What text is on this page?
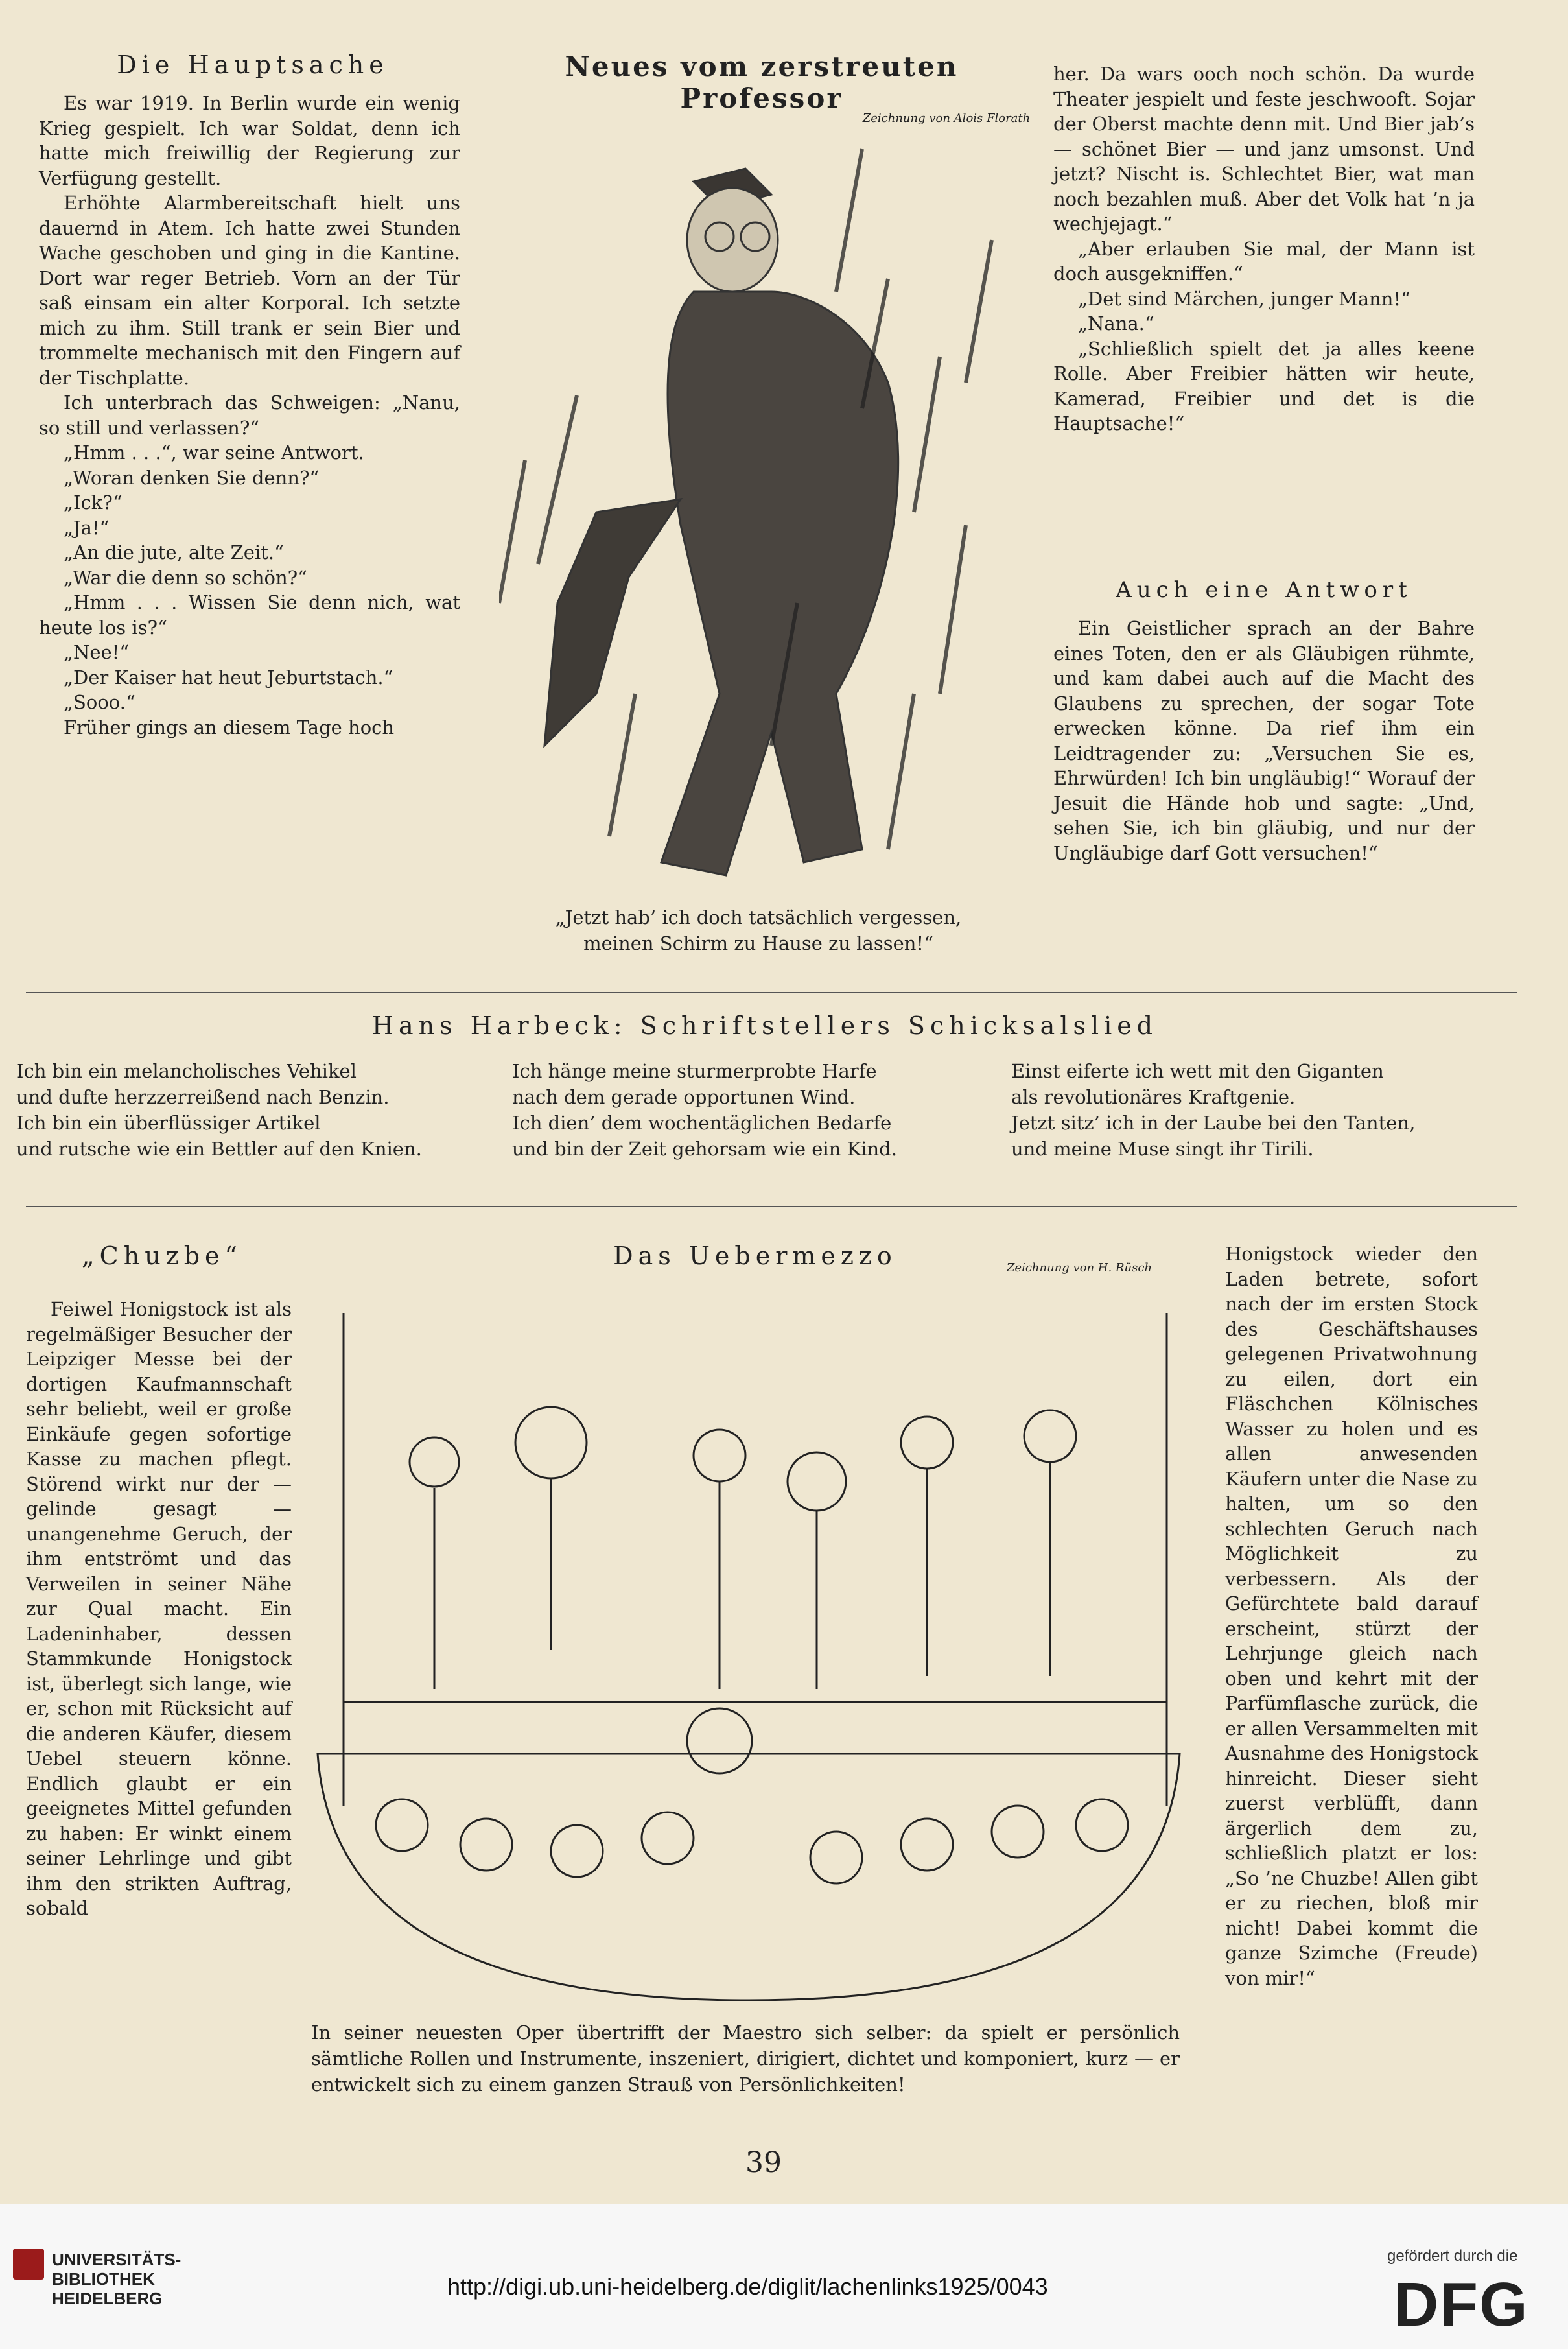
Die Hauptsache

Es war 1919. In Berlin wurde ein wenig Krieg gespielt. Ich war Soldat, denn ich hatte mich freiwillig der Regierung zur Verfügung gestellt.

Erhöhte Alarmbereitschaft hielt uns dauernd in Atem. Ich hatte zwei Stunden Wache geschoben und ging in die Kantine. Dort war reger Betrieb. Vorn an der Tür saß einsam ein alter Korporal. Ich setzte mich zu ihm. Still trank er sein Bier und trommelte mechanisch mit den Fingern auf der Tischplatte.

Ich unterbrach das Schweigen: „Nanu, so still und verlassen?“

„Hmm . . .“, war seine Antwort.

„Woran denken Sie denn?“

„Ick?“

„Ja!“

„An die jute, alte Zeit.“

„War die denn so schön?“

„Hmm . . . Wissen Sie denn nich, wat heute los is?“

„Nee!“

„Der Kaiser hat heut Jeburtstach.“

„Sooo.“

Früher gings an diesem Tage hoch

Neues vom zerstreuten Professor
Zeichnung von Alois Florath
„Jetzt hab’ ich doch tatsächlich vergessen, meinen Schirm zu Hause zu lassen!“

her. Da wars ooch noch schön. Da wurde Theater jespielt und feste jeschwooft. Sojar der Oberst machte denn mit. Und Bier jab’s — schönet Bier — und janz umsonst. Und jetzt? Nischt is. Schlechtet Bier, wat man noch bezahlen muß. Aber det Volk hat ’n ja wechjejagt.“

„Aber erlauben Sie mal, der Mann ist doch ausgekniffen.“

„Det sind Märchen, junger Mann!“

„Nana.“

„Schließlich spielt det ja alles keene Rolle. Aber Freibier hätten wir heute, Kamerad, Freibier und det is die Hauptsache!“

Auch eine Antwort

Ein Geistlicher sprach an der Bahre eines Toten, den er als Gläubigen rühmte, und kam dabei auch auf die Macht des Glaubens zu sprechen, der sogar Tote erwecken könne. Da rief ihm ein Leidtragender zu: „Versuchen Sie es, Ehrwürden! Ich bin ungläubig!“ Worauf der Jesuit die Hände hob und sagte: „Und, sehen Sie, ich bin gläubig, und nur der Ungläubige darf Gott versuchen!“

Hans Harbeck: Schriftstellers Schicksalslied

Ich bin ein melancholisches Vehikel

und dufte herzzerreißend nach Benzin.

Ich bin ein überflüssiger Artikel

und rutsche wie ein Bettler auf den Knien.

Ich hänge meine sturmerprobte Harfe

nach dem gerade opportunen Wind.

Ich dien’ dem wochentäglichen Bedarfe

und bin der Zeit gehorsam wie ein Kind.

Einst eiferte ich wett mit den Giganten

als revolutionäres Kraftgenie.

Jetzt sitz’ ich in der Laube bei den Tanten,

und meine Muse singt ihr Tirili.

„Chuzbe“

Feiwel Honigstock ist als regelmäßiger Besucher der Leipziger Messe bei der dortigen Kaufmannschaft sehr beliebt, weil er große Einkäufe gegen sofortige Kasse zu machen pflegt. Störend wirkt nur der — gelinde gesagt — unangenehme Geruch, der ihm entströmt und das Verweilen in seiner Nähe zur Qual macht. Ein Ladeninhaber, dessen Stammkunde Honigstock ist, überlegt sich lange, wie er, schon mit Rücksicht auf die anderen Käufer, diesem Uebel steuern könne. Endlich glaubt er ein geeignetes Mittel gefunden zu haben: Er winkt einem seiner Lehrlinge und gibt ihm den strikten Auftrag, sobald

Das Uebermezzo	Zeichnung von H. Rüsch
In seiner neuesten Oper übertrifft der Maestro sich selber: da spielt er persönlich sämtliche Rollen und Instrumente, inszeniert, dirigiert, dichtet und komponiert, kurz — er entwickelt sich zu einem ganzen Strauß von Persönlichkeiten!

Honigstock wieder den Laden betrete, sofort nach der im ersten Stock des Geschäftshauses gelegenen Privatwohnung zu eilen, dort ein Fläschchen Kölnisches Wasser zu holen und es allen anwesenden Käufern unter die Nase zu halten, um so den schlechten Geruch nach Möglichkeit zu verbessern. Als der Gefürchtete bald darauf erscheint, stürzt der Lehrjunge gleich nach oben und kehrt mit der Parfümflasche zurück, die er allen Versammelten mit Ausnahme des Honigstock hinreicht. Dieser sieht zuerst verblüfft, dann ärgerlich dem zu, schließlich platzt er los: „So ’ne Chuzbe! Allen gibt er zu riechen, bloß mir nicht! Dabei kommt die ganze Szimche (Freude) von mir!“

39
UNIVERSITÄTS-
BIBLIOTHEK
HEIDELBERG	http://digi.ub.uni-heidelberg.de/diglit/lachenlinks1925/0043
gefördert durch die
DFG
